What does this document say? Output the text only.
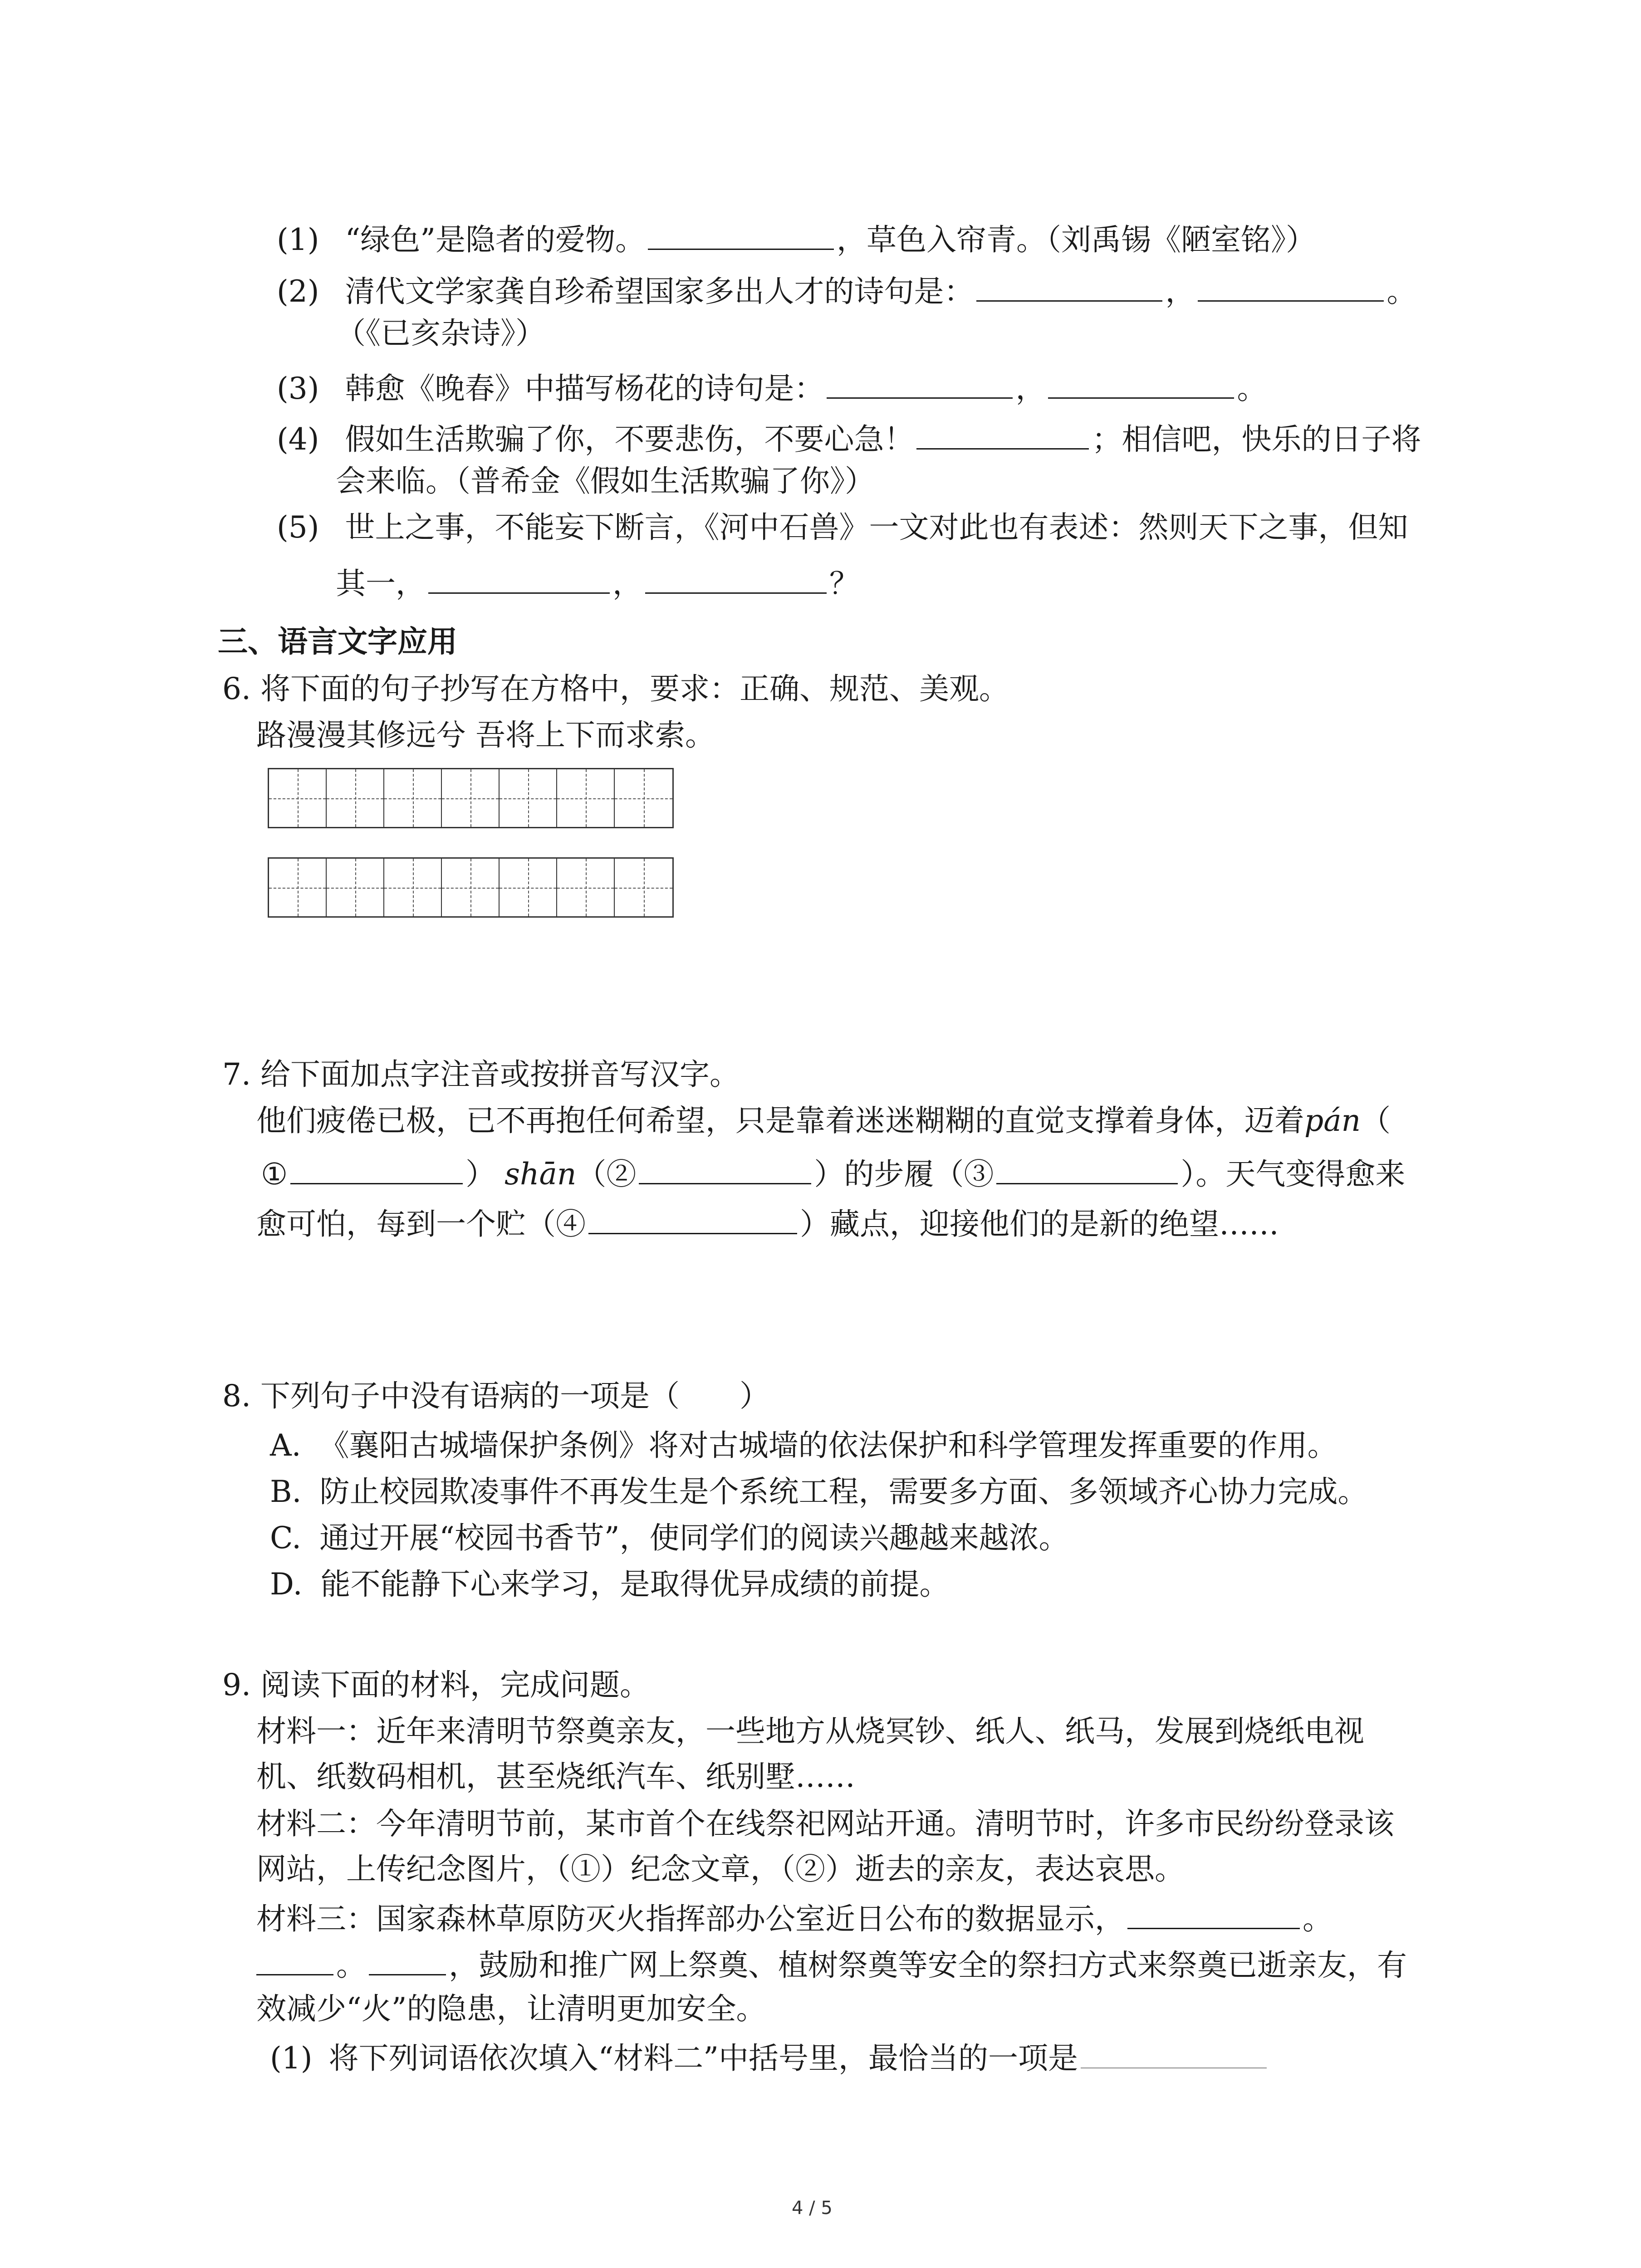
(1) “绿色”是隐者的爱物。	，草色入帘青。（刘禹锡《陋室铭》）
(2) 清代文学家龚自珍希望国家多出人才的诗句是：	，	。
（《已亥杂诗》）
(3) 韩愈《晚春》中描写杨花的诗句是：	，	。
(4) 假如生活欺骗了你，不要悲伤，不要心急！	；相信吧，快乐的日子将
会来临。（普希金《假如生活欺骗了你》）
(5) 世上之事，不能妄下断言，《河中石兽》一文对此也有表述：然则天下之事，但知
其一，	，	？
三、语言文字应用
6. 将下面的句子抄写在方格中，要求：正确、规范、美观。
路漫漫其修远兮 吾将上下而求索。
7. 给下面加点字注音或按拼音写汉字。
他们疲倦已极，已不再抱任何希望，只是靠着迷迷糊糊的直觉支撑着身体，迈着pán（
①	） shān（②	）的步履（③	）。天气变得愈来
愈可怕，每到一个贮（④	）藏点，迎接他们的是新的绝望……
8. 下列句子中没有语病的一项是（　　）
A. 《襄阳古城墙保护条例》将对古城墙的依法保护和科学管理发挥重要的作用。
B. 防止校园欺凌事件不再发生是个系统工程，需要多方面、多领域齐心协力完成。
C. 通过开展“校园书香节”，使同学们的阅读兴趣越来越浓。
D. 能不能静下心来学习，是取得优异成绩的前提。
9. 阅读下面的材料，完成问题。
材料一：近年来清明节祭奠亲友，一些地方从烧冥钞、纸人、纸马，发展到烧纸电视
机、纸数码相机，甚至烧纸汽车、纸别墅……
材料二：今年清明节前，某市首个在线祭祀网站开通。清明节时，许多市民纷纷登录该
网站，上传纪念图片，（①）纪念文章，（②）逝去的亲友，表达哀思。
材料三：国家森林草原防灭火指挥部办公室近日公布的数据显示，	。
。	，鼓励和推广网上祭奠、植树祭奠等安全的祭扫方式来祭奠已逝亲友，有
效减少“火”的隐患，让清明更加安全。
(1) 将下列词语依次填入“材料二”中括号里，最恰当的一项是
4 / 5
